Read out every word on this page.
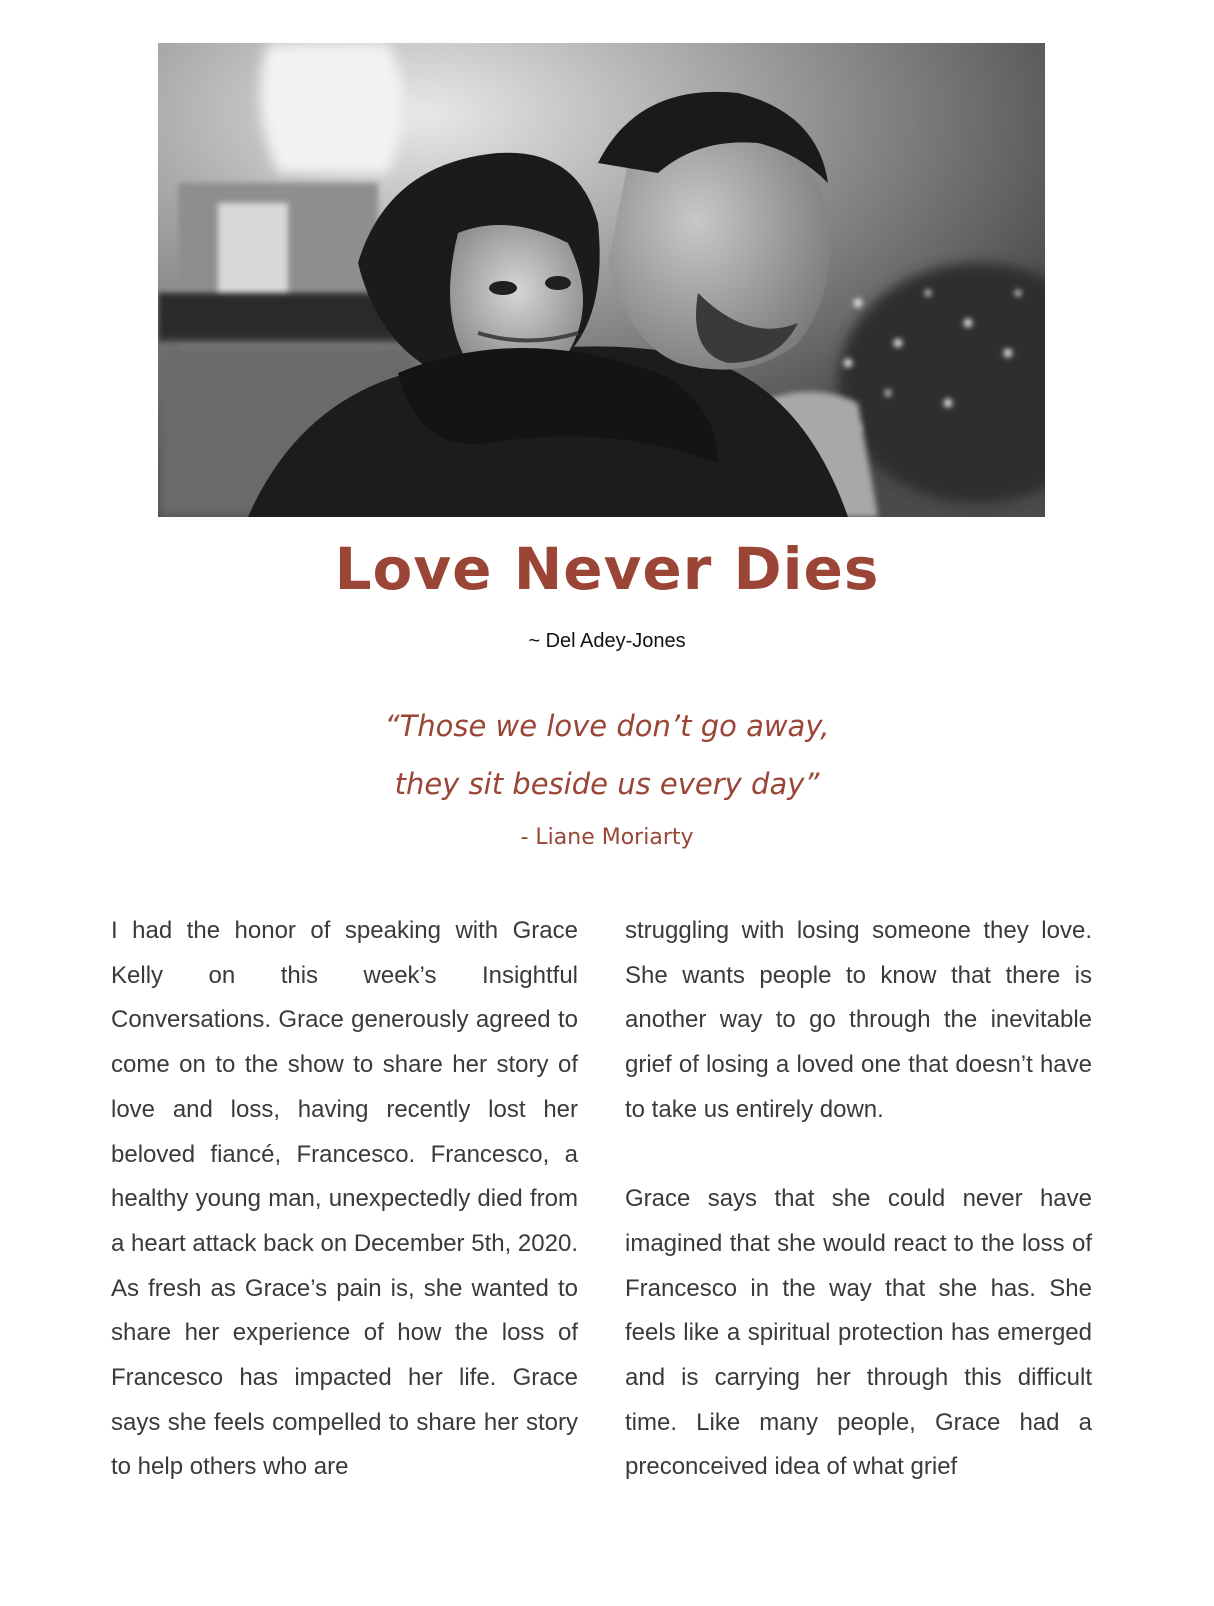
Love Never Dies
~ Del Adey-Jones
“Those we love don’t go away,
they sit beside us every day”
- Liane Moriarty

I had the honor of speaking with Grace Kelly on this week’s Insightful Conversations. Grace generously agreed to come on to the show to share her story of love and loss, having recently lost her beloved fiancé, Francesco. Francesco, a healthy young man, unexpectedly died from a heart attack back on December 5th, 2020. As fresh as Grace’s pain is, she wanted to share her experience of how the loss of Francesco has impacted her life. Grace says she feels compelled to share her story to help others who are

struggling with losing someone they love. She wants people to know that there is another way to go through the inevitable grief of losing a loved one that doesn’t have to take us entirely down.

Grace says that she could never have imagined that she would react to the loss of Francesco in the way that she has. She feels like a spiritual protection has emerged and is carrying her through this difficult time. Like many people, Grace had a preconceived idea of what grief
